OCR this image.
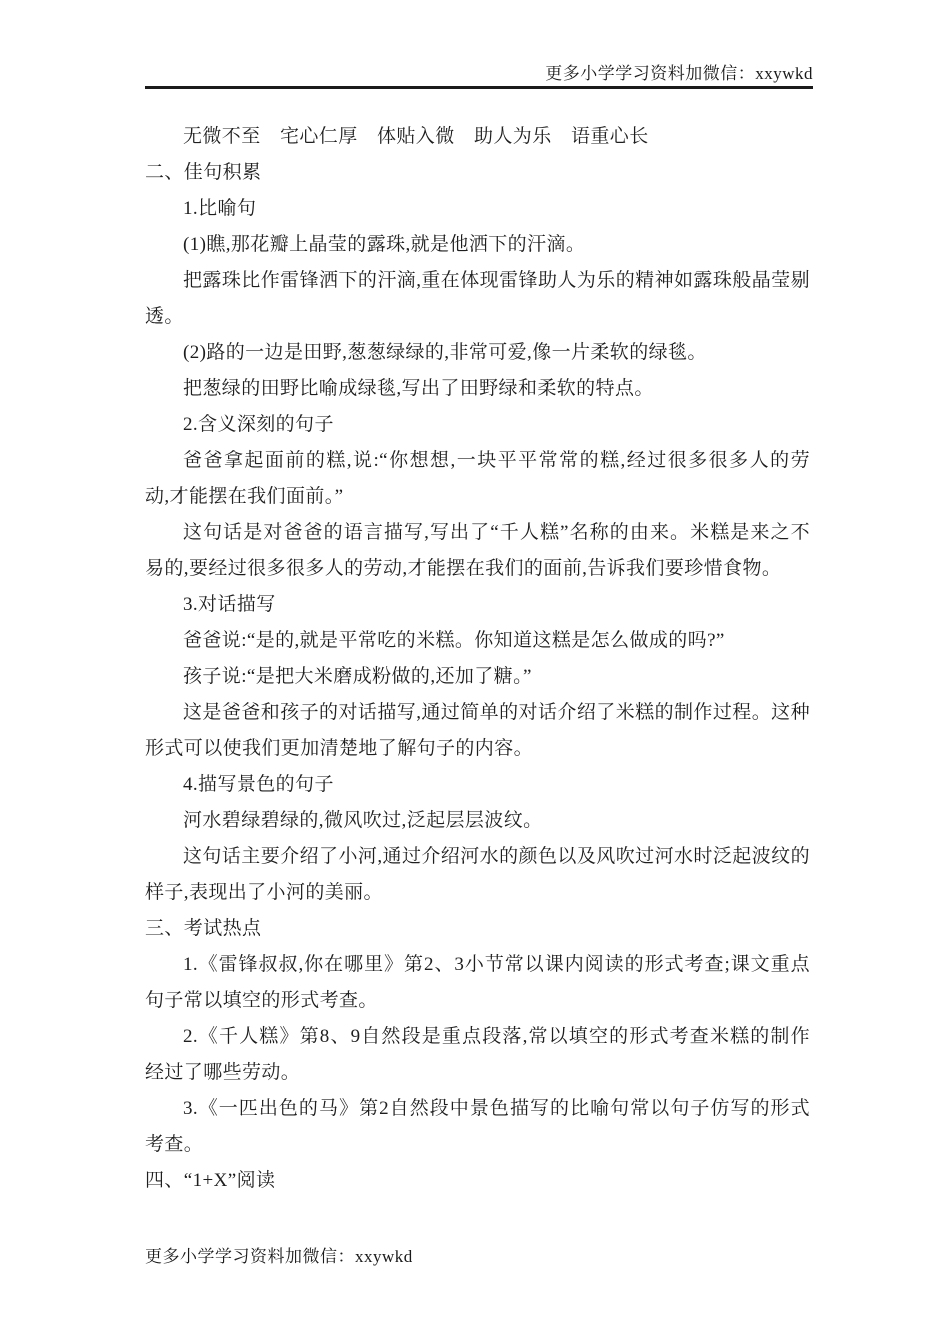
更多小学学习资料加微信：xxywkd
无微不至　宅心仁厚　体贴入微　助人为乐　语重心长
二、佳句积累
1.比喻句
(1)瞧,那花瓣上晶莹的露珠,就是他洒下的汗滴。
把露珠比作雷锋洒下的汗滴,重在体现雷锋助人为乐的精神如露珠般晶莹剔
透。
(2)路的一边是田野,葱葱绿绿的,非常可爱,像一片柔软的绿毯。
把葱绿的田野比喻成绿毯,写出了田野绿和柔软的特点。
2.含义深刻的句子
爸爸拿起面前的糕,说:“你想想,一块平平常常的糕,经过很多很多人的劳
动,才能摆在我们面前。”
这句话是对爸爸的语言描写,写出了“千人糕”名称的由来。米糕是来之不
易的,要经过很多很多人的劳动,才能摆在我们的面前,告诉我们要珍惜食物。
3.对话描写
爸爸说:“是的,就是平常吃的米糕。你知道这糕是怎么做成的吗?”
孩子说:“是把大米磨成粉做的,还加了糖。”
这是爸爸和孩子的对话描写,通过简单的对话介绍了米糕的制作过程。这种
形式可以使我们更加清楚地了解句子的内容。
4.描写景色的句子
河水碧绿碧绿的,微风吹过,泛起层层波纹。
这句话主要介绍了小河,通过介绍河水的颜色以及风吹过河水时泛起波纹的
样子,表现出了小河的美丽。
三、考试热点
1.《雷锋叔叔,你在哪里》第2、3小节常以课内阅读的形式考查;课文重点
句子常以填空的形式考查。
2.《千人糕》第8、9自然段是重点段落,常以填空的形式考查米糕的制作
经过了哪些劳动。
3.《一匹出色的马》第2自然段中景色描写的比喻句常以句子仿写的形式
考查。
四、“1+X”阅读
更多小学学习资料加微信：xxywkd
